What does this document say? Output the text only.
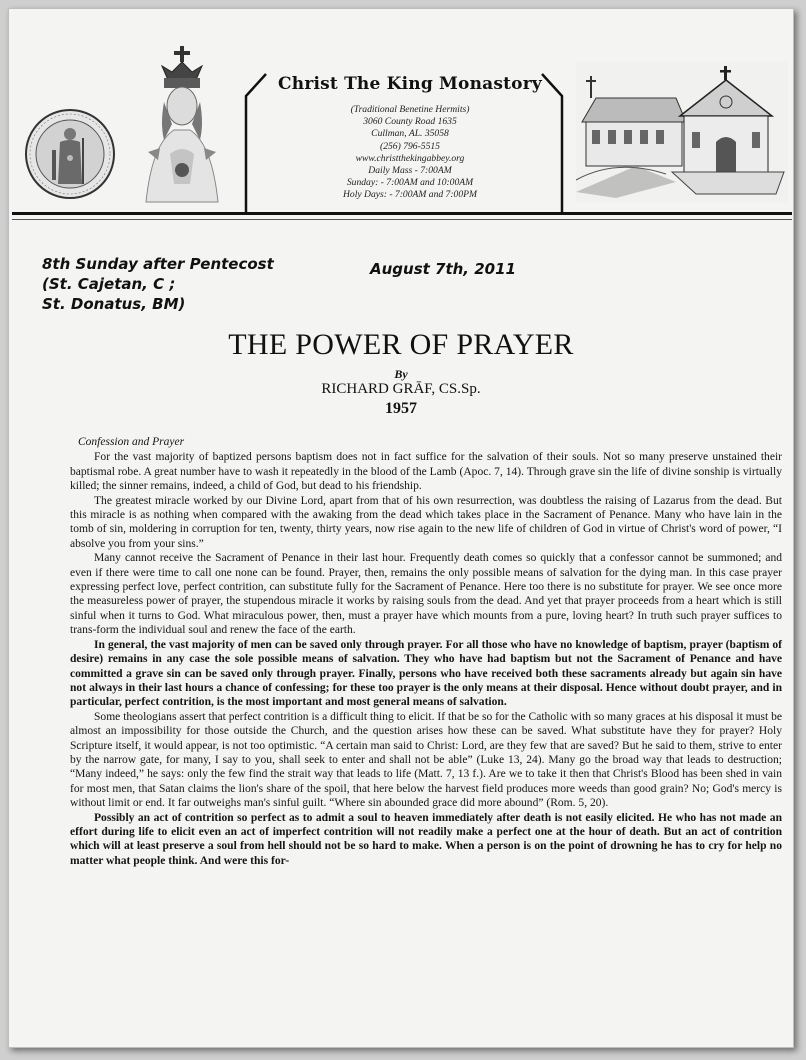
Christ The King Monastory
(Traditional Benetine Hermits)
3060 County Road 1635
Cullman, AL. 35058
(256) 796-5515
www.christthekingabbey.org
Daily Mass - 7:00AM
Sunday: - 7:00AM and 10:00AM
Holy Days: - 7:00AM and 7:00PM
8th Sunday after Pentecost
(St. Cajetan, C ;
St. Donatus, BM)
August 7th, 2011
THE POWER OF PRAYER
By
RICHARD GRĀF, CS.Sp.
1957
Confession and Prayer

For the vast majority of baptized persons baptism does not in fact suffice for the salvation of their souls. Not so many preserve unstained their baptismal robe. A great number have to wash it repeatedly in the blood of the Lamb (Apoc. 7, 14). Through grave sin the life of divine sonship is virtually killed; the sinner remains, indeed, a child of God, but dead to his friendship.

The greatest miracle worked by our Divine Lord, apart from that of his own resurrection, was doubtless the raising of Lazarus from the dead. But this miracle is as nothing when compared with the awaking from the dead which takes place in the Sacrament of Penance. Many who have lain in the tomb of sin, moldering in corruption for ten, twenty, thirty years, now rise again to the new life of children of God in virtue of Christ's word of power, “I absolve you from your sins.”

Many cannot receive the Sacrament of Penance in their last hour. Frequently death comes so quickly that a confessor cannot be summoned; and even if there were time to call one none can be found. Prayer, then, remains the only possible means of salvation for the dying man. In this case prayer expressing perfect love, perfect contrition, can substitute fully for the Sacrament of Penance. Here too there is no substitute for prayer. We see once more the measureless power of prayer, the stupendous miracle it works by raising souls from the dead. And yet that prayer proceeds from a heart which is still sinful when it turns to God. What miraculous power, then, must a prayer have which mounts from a pure, loving heart? In truth such prayer suffices to trans-form the individual soul and renew the face of the earth.

In general, the vast majority of men can be saved only through prayer. For all those who have no knowledge of baptism, prayer (baptism of desire) remains in any case the sole possible means of salvation. They who have had baptism but not the Sacrament of Penance and have committed a grave sin can be saved only through prayer. Finally, persons who have received both these sacraments already but again sin have not always in their last hours a chance of confessing; for these too prayer is the only means at their disposal. Hence without doubt prayer, and in particular, perfect contrition, is the most important and most general means of salvation.

Some theologians assert that perfect contrition is a difficult thing to elicit. If that be so for the Catholic with so many graces at his disposal it must be almost an impossibility for those outside the Church, and the question arises how these can be saved. What substitute have they for prayer? Holy Scripture itself, it would appear, is not too optimistic. “A certain man said to Christ: Lord, are they few that are saved? But he said to them, strive to enter by the narrow gate, for many, I say to you, shall seek to enter and shall not be able” (Luke 13, 24). Many go the broad way that leads to destruction; “Many indeed,” he says: only the few find the strait way that leads to life (Matt. 7, 13 f.). Are we to take it then that Christ's Blood has been shed in vain for most men, that Satan claims the lion's share of the spoil, that here below the harvest field produces more weeds than good grain? No; God's mercy is without limit or end. It far outweighs man's sinful guilt. “Where sin abounded grace did more abound” (Rom. 5, 20).

Possibly an act of contrition so perfect as to admit a soul to heaven immediately after death is not easily elicited. He who has not made an effort during life to elicit even an act of imperfect contrition will not readily make a perfect one at the hour of death. But an act of contrition which will at least preserve a soul from hell should not be so hard to make. When a person is on the point of drowning he has to cry for help no matter what people think. And were this for-
